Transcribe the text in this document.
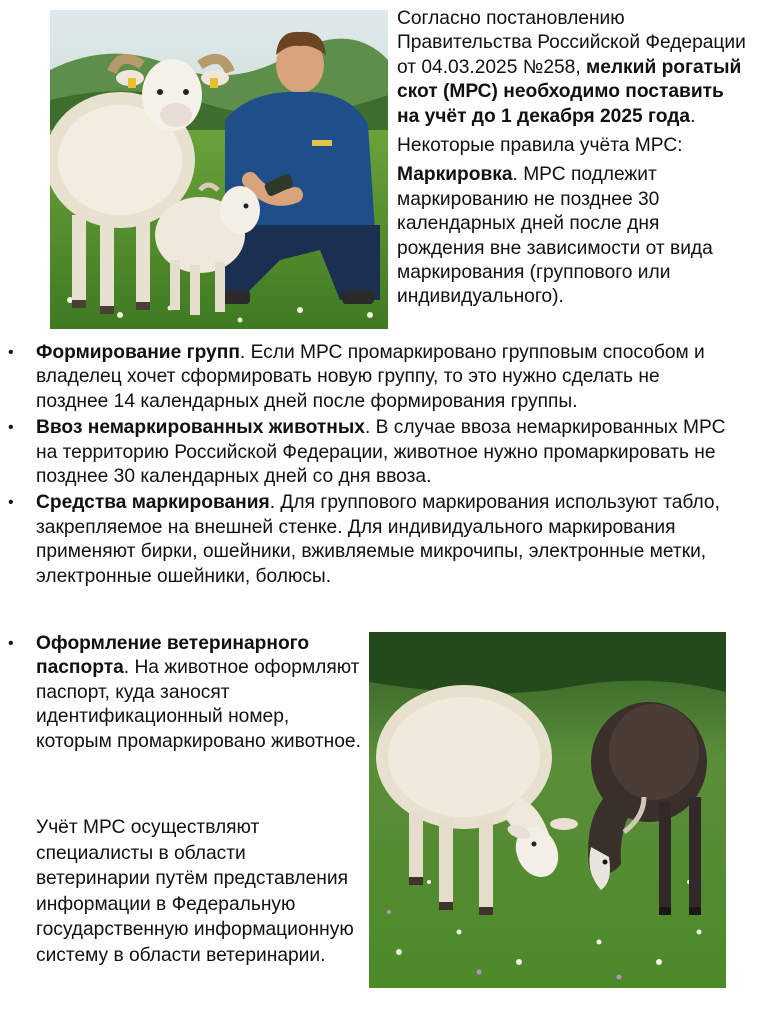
Согласно постановлению Правительства Российской Федерации от 04.03.2025 №258, мелкий рогатый скот (МРС) необходимо поставить на учёт до 1 декабря 2025 года.

Некоторые правила учёта МРС:

Маркировка. МРС подлежит маркированию не позднее 30 календарных дней после дня рождения вне зависимости от вида маркирования (группового или индивидуального).

• Формирование групп. Если МРС промаркировано групповым способом и владелец хочет сформировать новую группу, то это нужно сделать не позднее 14 календарных дней после формирования группы.
• Ввоз немаркированных животных. В случае ввоза немаркированных МРС на территорию Российской Федерации, животное нужно промаркировать не позднее 30 календарных дней со дня ввоза.
• Средства маркирования. Для группового маркирования используют табло, закрепляемое на внешней стенке. Для индивидуального маркирования применяют бирки, ошейники, вживляемые микрочипы, электронные метки, электронные ошейники, болюсы.
• Оформление ветеринарного паспорта. На животное оформляют паспорт, куда заносят идентификационный номер, которым промаркировано животное.
Учёт МРС осуществляют специалисты в области ветеринарии путём представления информации в Федеральную государственную информационную систему в области ветеринарии.
